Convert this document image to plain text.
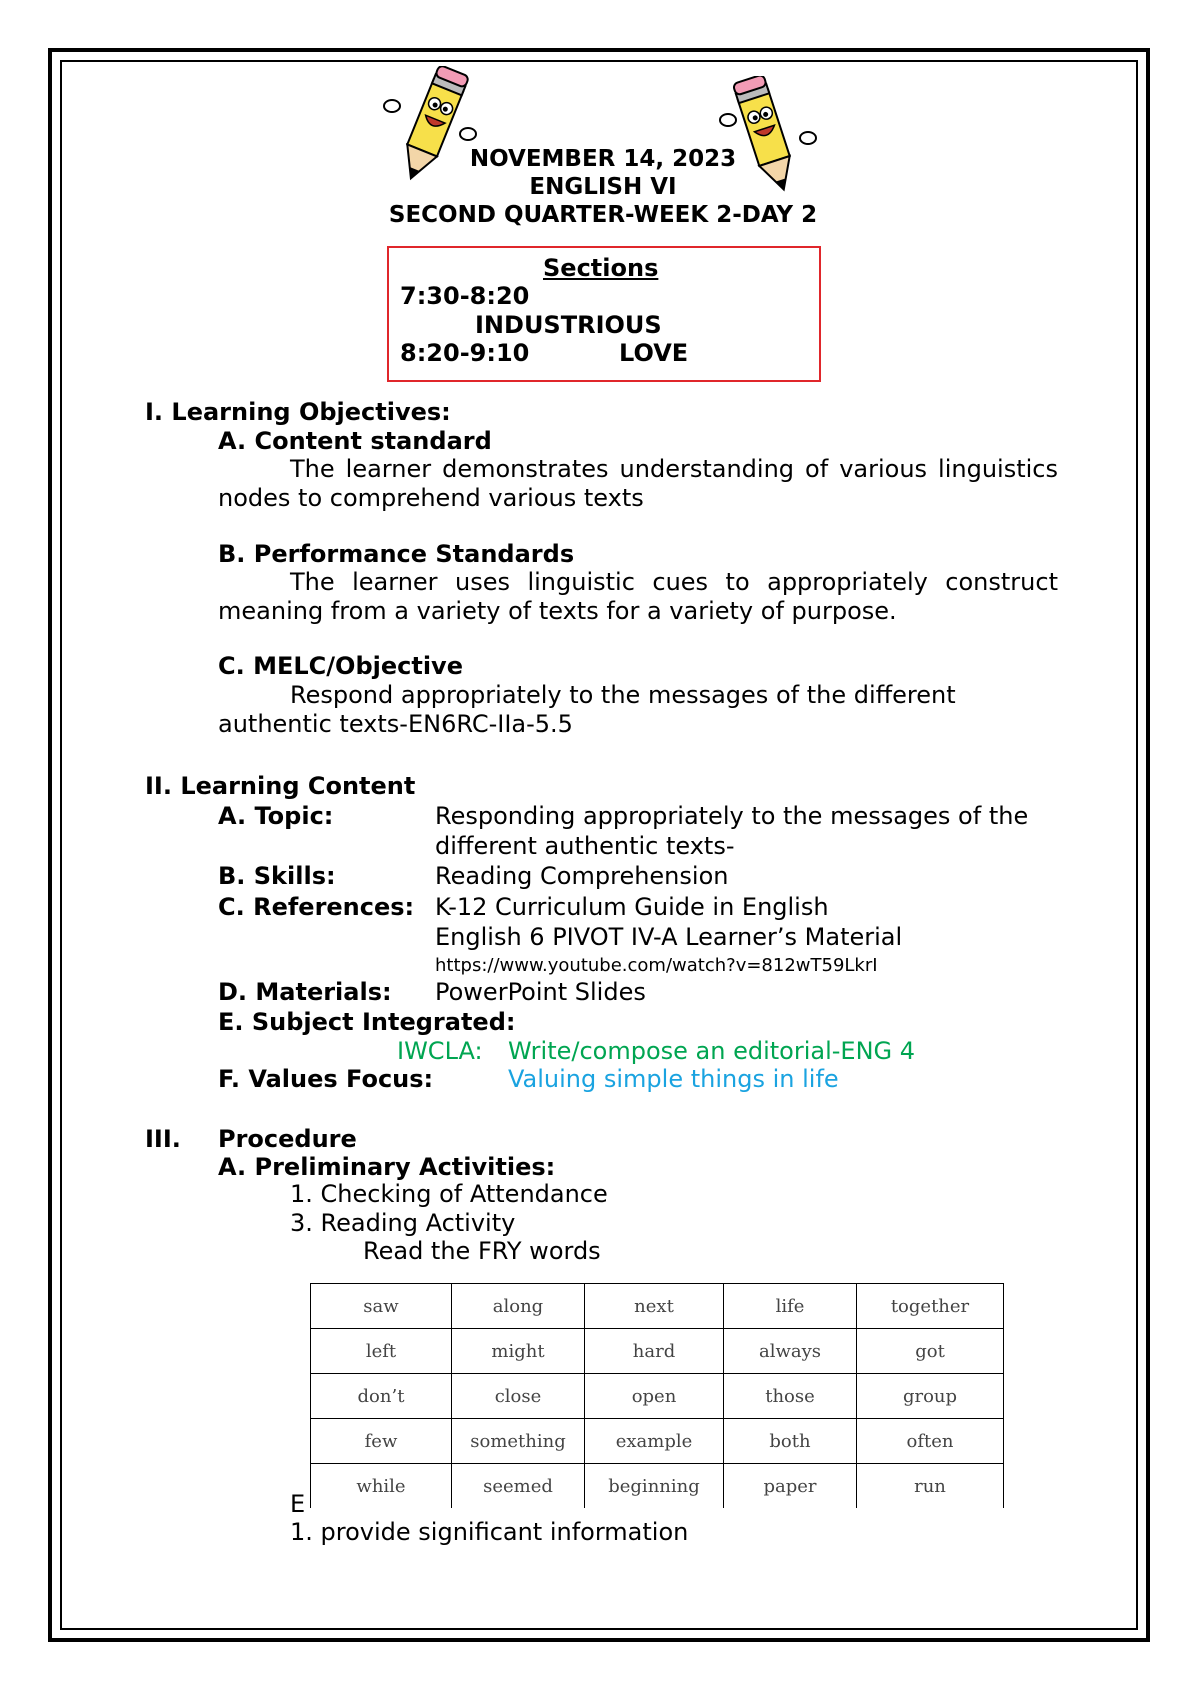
NOVEMBER 14, 2023
ENGLISH VI
SECOND QUARTER-WEEK 2-DAY 2
Sections
7:30-8:20
INDUSTRIOUS
8:20-9:10	LOVE
I. Learning Objectives:
A. Content standard
The learner demonstrates understanding of various linguistics
nodes to comprehend various texts
B. Performance Standards
The learner uses linguistic cues to appropriately construct
meaning from a variety of texts for a variety of purpose.
C. MELC/Objective
Respond appropriately to the messages of the different
authentic texts-EN6RC-IIa-5.5
II. Learning Content
A. Topic:	Responding appropriately to the messages of the
different authentic texts-
B. Skills:	Reading Comprehension
C. References: K-12 Curriculum Guide in English
English 6 PIVOT IV-A Learner’s Material
https://www.youtube.com/watch?v=812wT59LkrI
D. Materials: PowerPoint Slides
E. Subject Integrated:
IWCLA: Write/compose an editorial-ENG 4
F. Values Focus:	Valuing simple things in life
III. Procedure
A. Preliminary Activities:
1. Checking of Attendance
3. Reading Activity
Read the FRY words
saw	along	next	life	together
left	might	hard	always	got
don’t	close	open	those	group
few	something	example	both	often
while	seemed	beginning	paper	run
E
1. provide significant information
